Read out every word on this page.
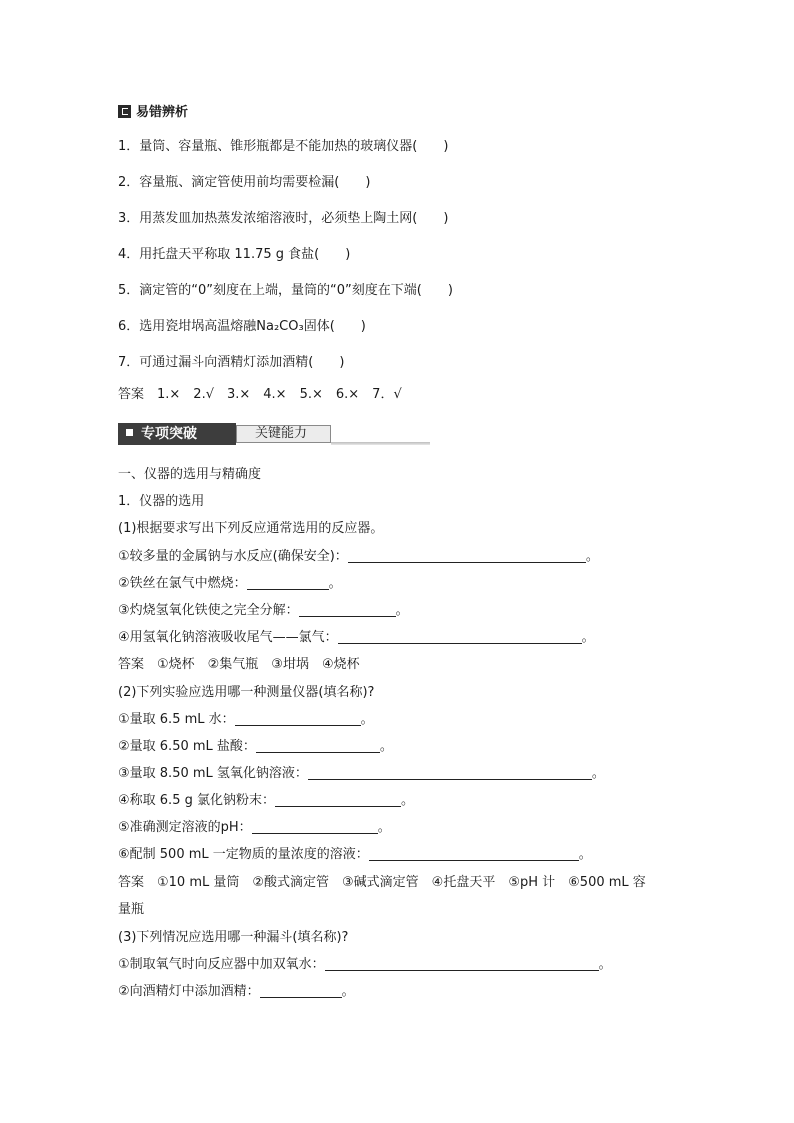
易错辨析
1．量筒、容量瓶、锥形瓶都是不能加热的玻璃仪器(　　)
2．容量瓶、滴定管使用前均需要检漏(　　)
3．用蒸发皿加热蒸发浓缩溶液时，必须垫上陶土网(　　)
4．用托盘天平称取 11.75 g 食盐(　　)
5．滴定管的“0”刻度在上端，量筒的“0”刻度在下端(　　)
6．选用瓷坩埚高温熔融Na₂CO₃固体(　　)
7．可通过漏斗向酒精灯添加酒精(　　)
答案　1.×　2.√　3.×　4.×　5.×　6.×　7．√
专项突破	关键能力
一、仪器的选用与精确度
1．仪器的选用
(1)根据要求写出下列反应通常选用的反应器。
①较多量的金属钠与水反应(确保安全)：	。
②铁丝在氯气中燃烧：	。
③灼烧氢氧化铁使之完全分解：	。
④用氢氧化钠溶液吸收尾气——氯气：	。
答案　①烧杯　②集气瓶　③坩埚　④烧杯
(2)下列实验应选用哪一种测量仪器(填名称)?
①量取 6.5 mL 水：	。
②量取 6.50 mL 盐酸：	。
③量取 8.50 mL 氢氧化钠溶液：	。
④称取 6.5 g 氯化钠粉末：	。
⑤准确测定溶液的pH：	。
⑥配制 500 mL 一定物质的量浓度的溶液：	。
答案　①10 mL 量筒　②酸式滴定管　③碱式滴定管　④托盘天平　⑤pH 计　⑥500 mL 容
量瓶
(3)下列情况应选用哪一种漏斗(填名称)?
①制取氧气时向反应器中加双氧水：	。
②向酒精灯中添加酒精：	。
